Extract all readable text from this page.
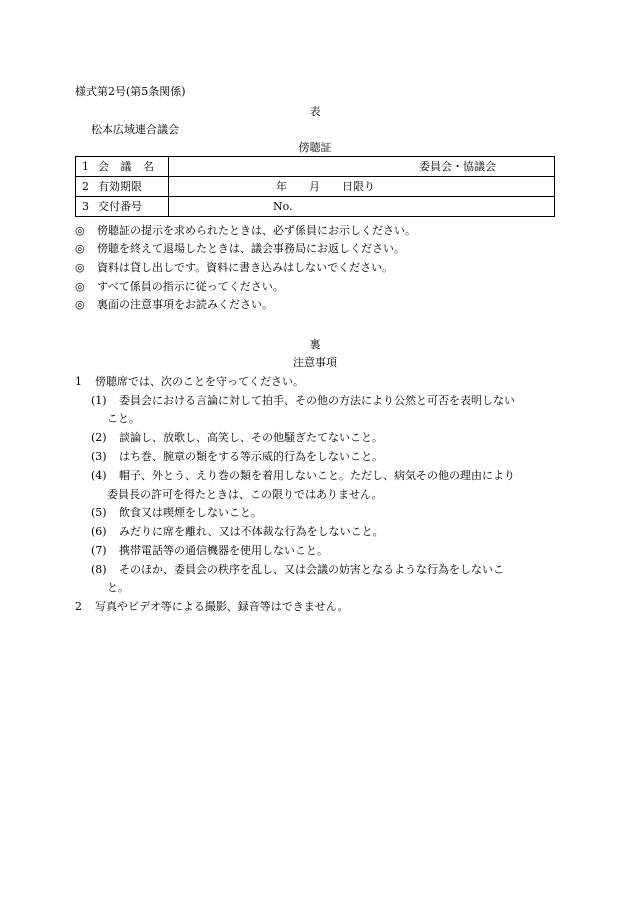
様式第2号(第5条関係)
表
松本広域連合議会
傍聴証
1 会 議 名	委員会・協議会

2 有効期限	年　　月　　日限り

3 交付番号	No.
◎ 傍聴証の提示を求められたときは、必ず係員にお示しください。
◎ 傍聴を終えて退場したときは、議会事務局にお返しください。
◎ 資料は貸し出しです。資料に書き込みはしないでください。
◎ すべて係員の指示に従ってください。
◎ 裏面の注意事項をお読みください。
裏
注意事項
1 傍聴席では、次のことを守ってください。
(1) 委員会における言論に対して拍手、その他の方法により公然と可否を表明しない
こと。
(2) 談論し、放歌し、高笑し、その他騒ぎたてないこと。
(3) はち巻、腕章の類をする等示威的行為をしないこと。
(4) 帽子、外とう、えり巻の類を着用しないこと。ただし、病気その他の理由により
委員長の許可を得たときは、この限りではありません。
(5) 飲食又は喫煙をしないこと。
(6) みだりに席を離れ、又は不体裁な行為をしないこと。
(7) 携帯電話等の通信機器を使用しないこと。
(8) そのほか、委員会の秩序を乱し、又は会議の妨害となるような行為をしないこ
と。
2 写真やビデオ等による撮影、録音等はできません。
